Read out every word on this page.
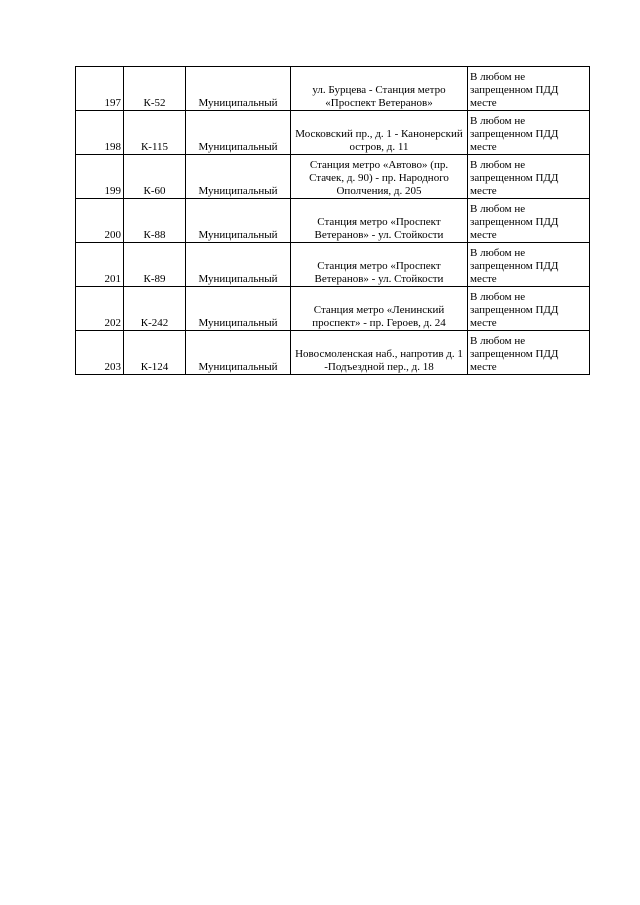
197	К-52	Муниципальный	ул. Бурцева - Станция метро «Проспект Ветеранов»	В любом не запрещенном ПДД месте
198	К-115	Муниципальный	Московский пр., д. 1 - Канонерский остров, д. 11	В любом не запрещенном ПДД месте
199	К-60	Муниципальный	Станция метро «Автово» (пр. Стачек, д. 90) - пр. Народного Ополчения, д. 205	В любом не запрещенном ПДД месте
200	К-88	Муниципальный	Станция метро «Проспект Ветеранов» - ул. Стойкости	В любом не запрещенном ПДД месте
201	К-89	Муниципальный	Станция метро «Проспект Ветеранов» - ул. Стойкости	В любом не запрещенном ПДД месте
202	К-242	Муниципальный	Станция метро «Ленинский проспект» - пр. Героев, д. 24	В любом не запрещенном ПДД месте
203	К-124	Муниципальный	Новосмоленская наб., напротив д. 1 -Подъездной пер., д. 18	В любом не запрещенном ПДД месте
